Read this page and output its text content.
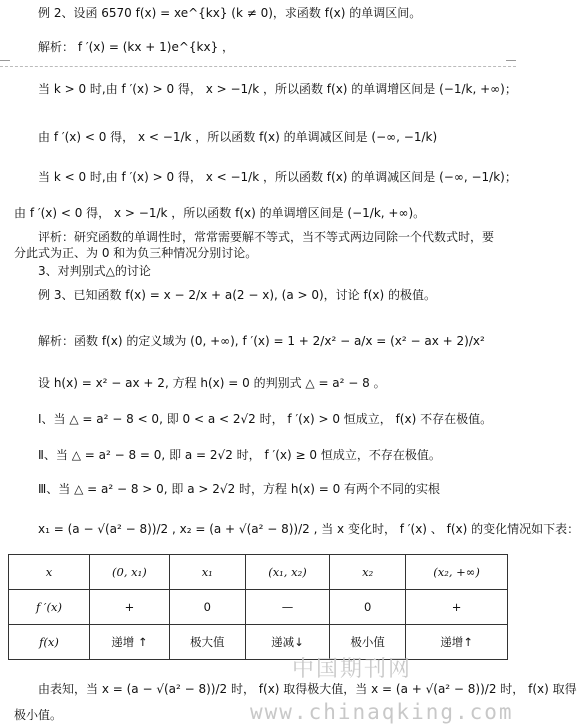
例 2、设函 6570 f(x) = xe^{kx} (k ≠ 0)，求函数 f(x) 的单调区间。
解析： f ′(x) = (kx + 1)e^{kx} ，
当 k > 0 时,由 f ′(x) > 0 得， x > −1/k ，所以函数 f(x) 的单调增区间是 (−1/k, +∞)；
由 f ′(x) < 0 得， x < −1/k ，所以函数 f(x) 的单调减区间是 (−∞, −1/k)
当 k < 0 时,由 f ′(x) > 0 得， x < −1/k ，所以函数 f(x) 的单调减区间是 (−∞, −1/k)；
由 f ′(x) < 0 得， x > −1/k ，所以函数 f(x) 的单调增区间是 (−1/k, +∞)。
评析：研究函数的单调性时，常常需要解不等式，当不等式两边同除一个代数式时，要
分此式为正、为 0 和为负三种情况分别讨论。
3、对判别式△的讨论
例 3、已知函数 f(x) = x − 2/x + a(2 − x), (a > 0)，讨论 f(x) 的极值。
解析：函数 f(x) 的定义域为 (0, +∞), f ′(x) = 1 + 2/x² − a/x = (x² − ax + 2)/x²
设 h(x) = x² − ax + 2, 方程 h(x) = 0 的判别式 △ = a² − 8 。
Ⅰ、当 △ = a² − 8 < 0, 即 0 < a < 2√2 时， f ′(x) > 0 恒成立， f(x) 不存在极值。
Ⅱ、当 △ = a² − 8 = 0, 即 a = 2√2 时， f ′(x) ≥ 0 恒成立，不存在极值。
Ⅲ、当 △ = a² − 8 > 0, 即 a > 2√2 时，方程 h(x) = 0 有两个不同的实根
x₁ = (a − √(a² − 8))/2 , x₂ = (a + √(a² − 8))/2 , 当 x 变化时， f ′(x) 、 f(x) 的变化情况如下表：
x	(0, x₁)	x₁	(x₁, x₂)	x₂	(x₂, +∞)
f ′(x)	+	0	—	0	+
f(x)	递增 ↑	极大值	递减↓	极小值	递增↑
由表知，当 x = (a − √(a² − 8))/2 时， f(x) 取得极大值，当 x = (a + √(a² − 8))/2 时， f(x) 取得
极小值。
中国期刊网
www.chinaqking.com
